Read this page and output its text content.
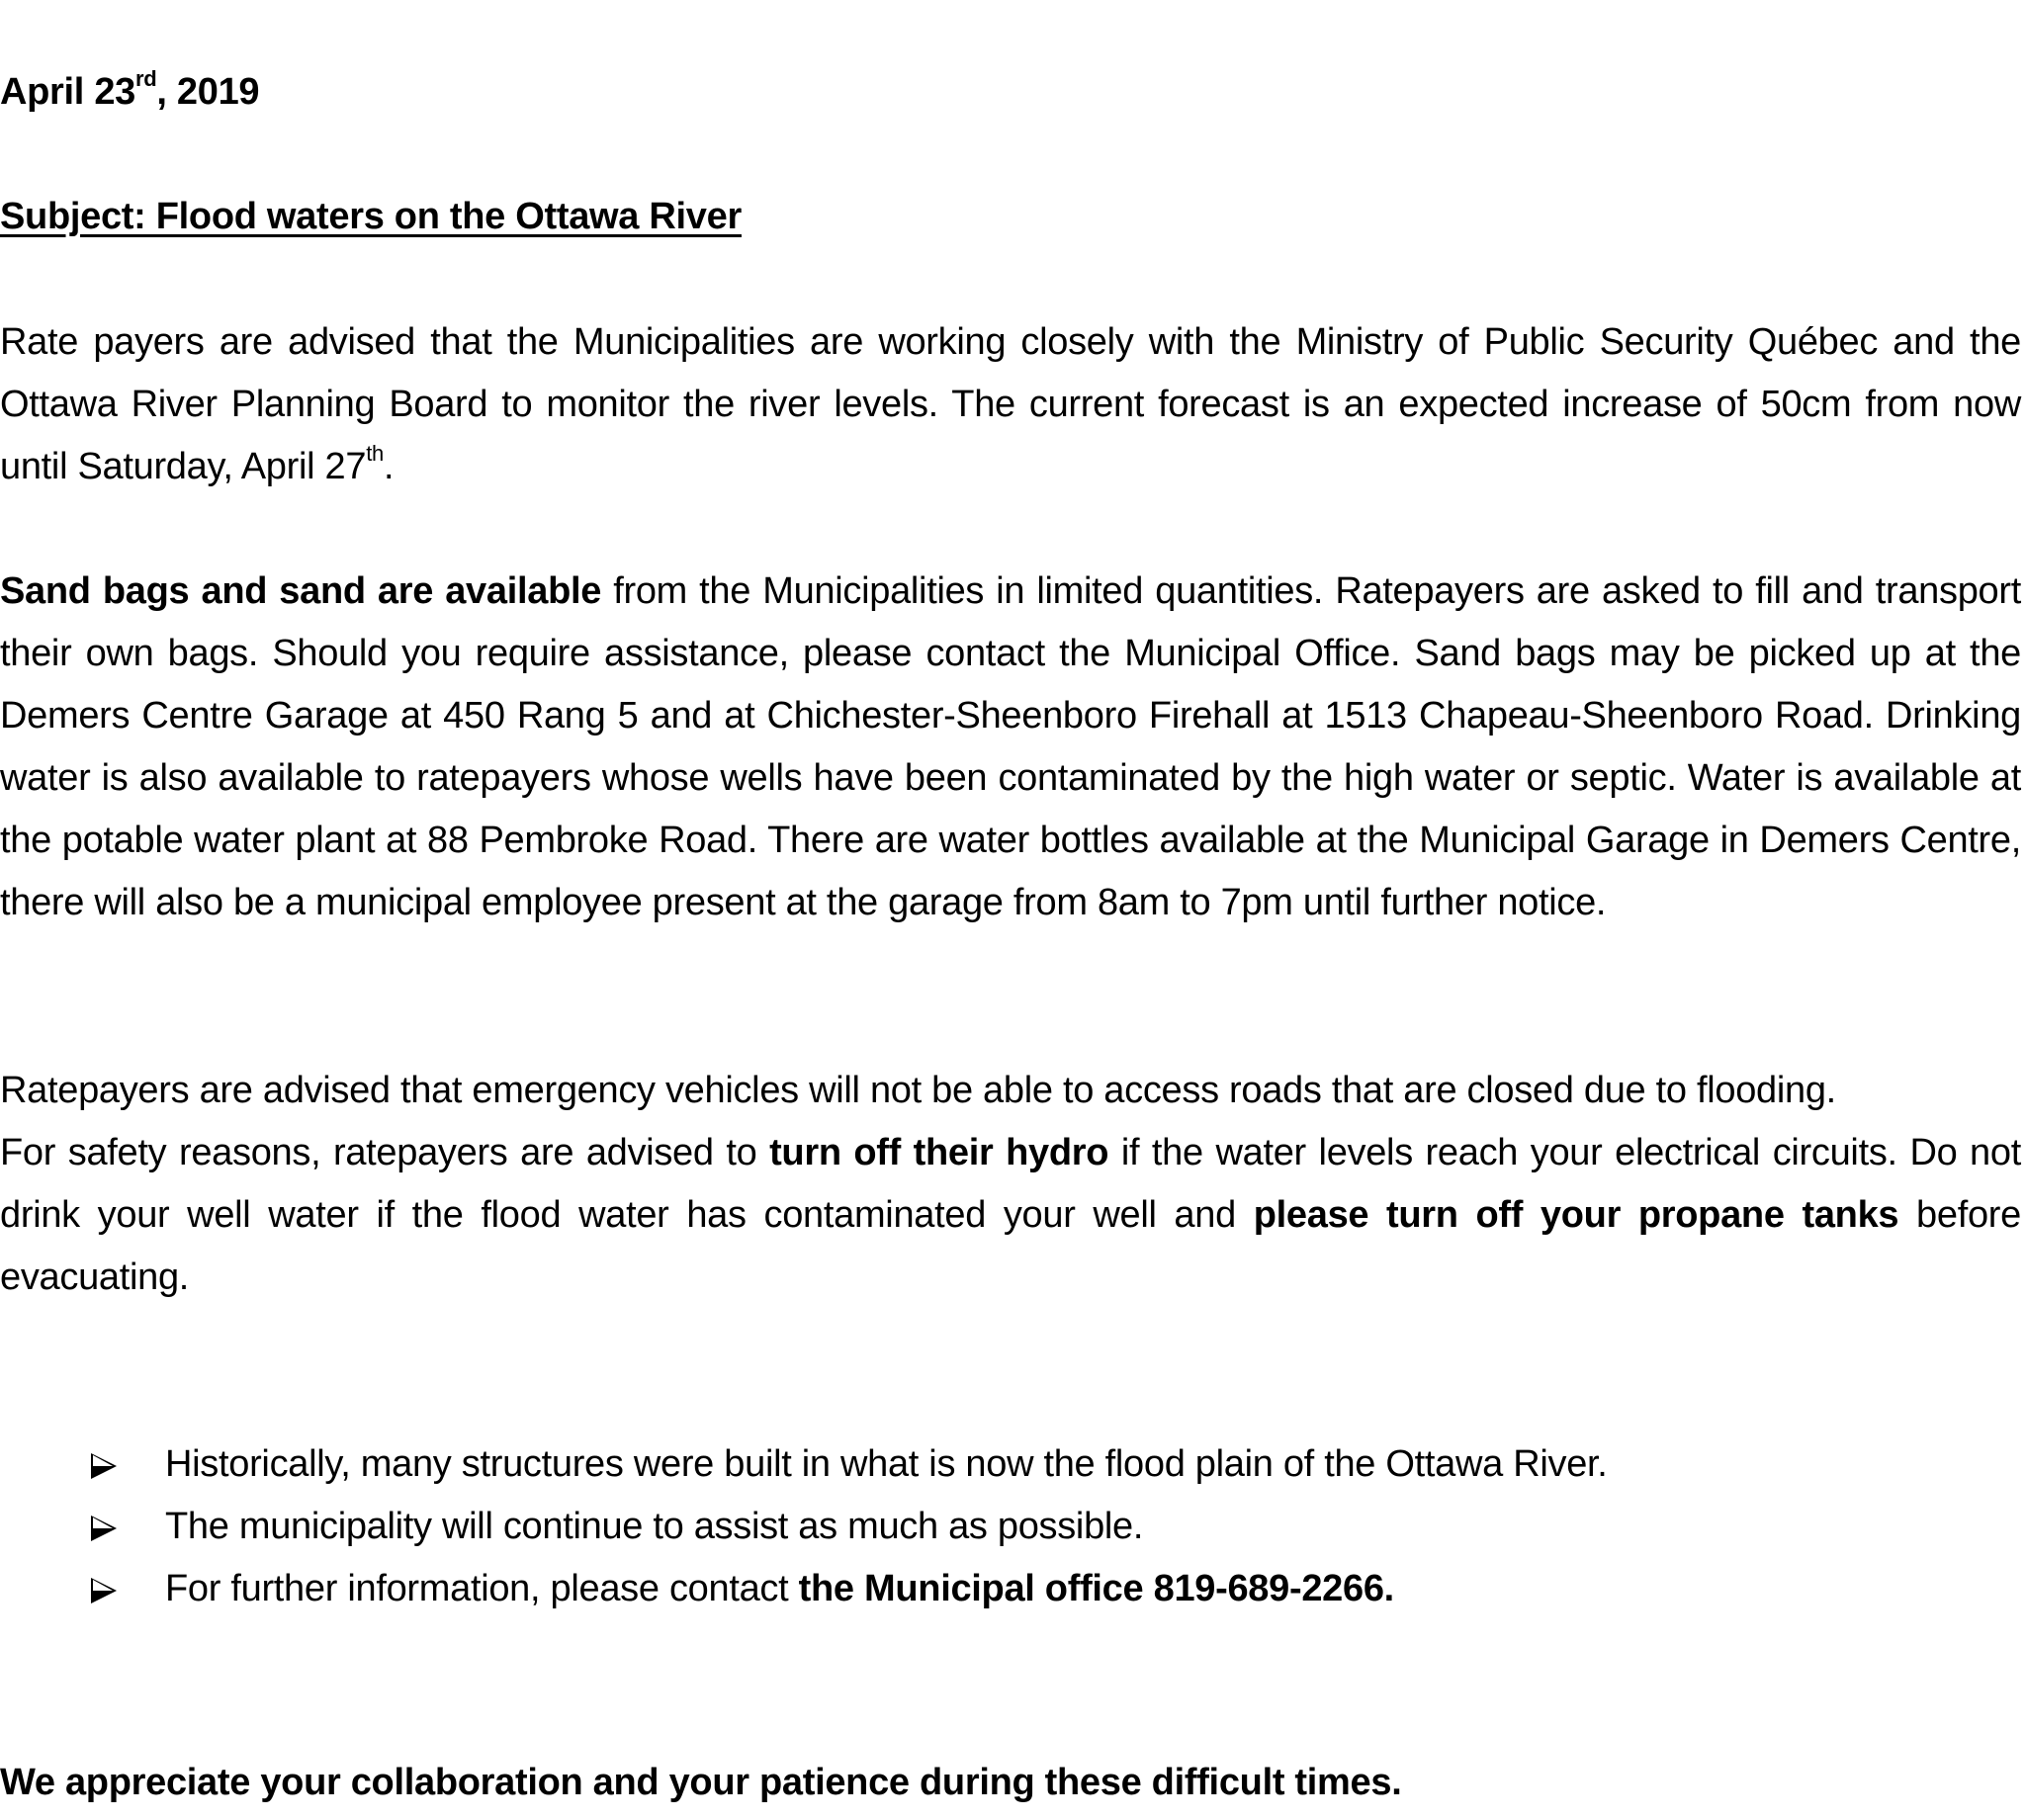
April 23rd, 2019
Subject: Flood waters on the Ottawa River
Rate payers are advised that the Municipalities are working closely with the Ministry of Public Security Québec and the Ottawa River Planning Board to monitor the river levels. The current forecast is an expected increase of 50cm from now until Saturday, April 27th.
Sand bags and sand are available from the Municipalities in limited quantities. Ratepayers are asked to fill and transport their own bags. Should you require assistance, please contact the Municipal Office. Sand bags may be picked up at the Demers Centre Garage at 450 Rang 5 and at Chichester-Sheenboro Firehall at 1513 Chapeau-Sheenboro Road. Drinking water is also available to ratepayers whose wells have been contaminated by the high water or septic. Water is available at the potable water plant at 88 Pembroke Road. There are water bottles available at the Municipal Garage in Demers Centre, there will also be a municipal employee present at the garage from 8am to 7pm until further notice.
Ratepayers are advised that emergency vehicles will not be able to access roads that are closed due to flooding.
For safety reasons, ratepayers are advised to turn off their hydro if the water levels reach your electrical circuits. Do not drink your well water if the flood water has contaminated your well and please turn off your propane tanks before evacuating.
Historically, many structures were built in what is now the flood plain of the Ottawa River.
The municipality will continue to assist as much as possible.
For further information, please contact the Municipal office 819-689-2266.
We appreciate your collaboration and your patience during these difficult times.
